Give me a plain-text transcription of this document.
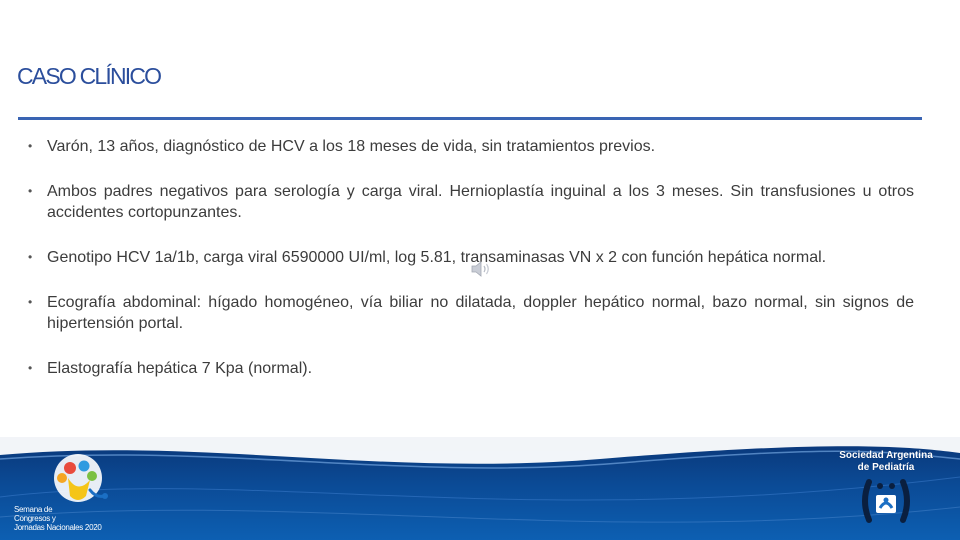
CASO CLÍNICO
• Varón, 13 años, diagnóstico de HCV a los 18 meses de vida, sin tratamientos previos.
• Ambos padres negativos para serología y carga viral. Hernioplastía inguinal a los 3 meses. Sin transfusiones u otros accidentes cortopunzantes.
• Genotipo HCV 1a/1b, carga viral 6590000 UI/ml, log 5.81, transaminasas VN x 2 con función hepática normal.
• Ecografía abdominal: hígado homogéneo, vía biliar no dilatada, doppler hepático normal, bazo normal, sin signos de hipertensión portal.
• Elastografía hepática 7 Kpa (normal).
Semana de
Congresos y
Jornadas Nacionales 2020
Sociedad Argentina
de Pediatría
